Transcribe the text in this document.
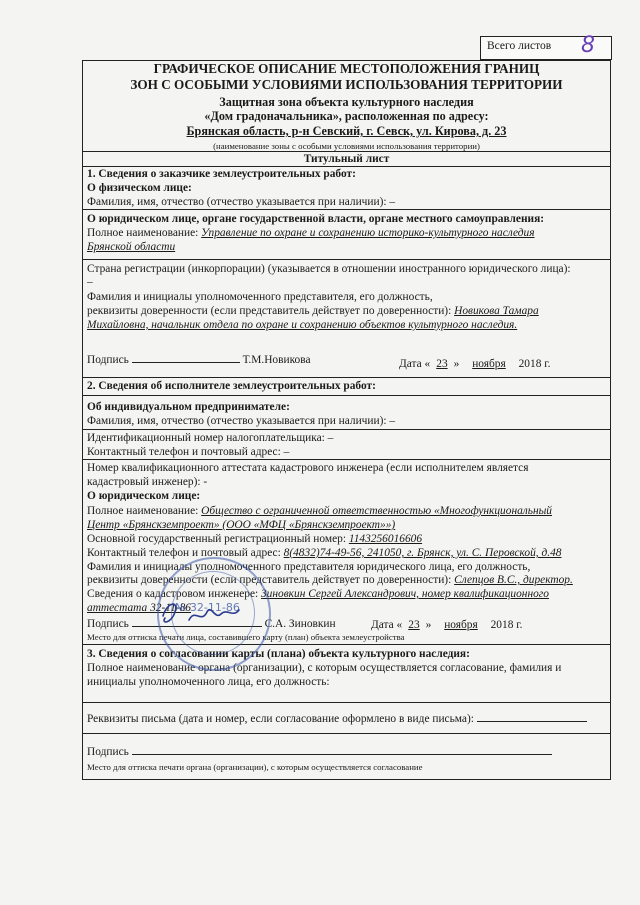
Всего листов 8
ГРАФИЧЕСКОЕ ОПИСАНИЕ МЕСТОПОЛОЖЕНИЯ ГРАНИЦ
ЗОН С ОСОБЫМИ УСЛОВИЯМИ ИСПОЛЬЗОВАНИЯ ТЕРРИТОРИИ
Защитная зона объекта культурного наследия
«Дом градоначальника», расположенная по адресу:
Брянская область, р-н Севский, г. Севск, ул. Кирова, д. 23
(наименование зоны с особыми условиями использования территории)
Титульный лист
1. Сведения о заказчике землеустроительных работ:
О физическом лице:
Фамилия, имя, отчество (отчество указывается при наличии): –
О юридическом лице, органе государственной власти, органе местного самоуправления:
Полное наименование: Управление по охране и сохранению историко-культурного наследия
Брянской области
Страна регистрации (инкорпорации) (указывается в отношении иностранного юридического лица):
–
Фамилия и инициалы уполномоченного представителя, его должность,
реквизиты доверенности (если представитель действует по доверенности): Новикова Тамара
Михайловна, начальник отдела по охране и сохранению объектов культурного наследия.
Подпись	Т.М.Новикова	Дата « 23 » ноября 2018 г.
2. Сведения об исполнителе землеустроительных работ:
Об индивидуальном предпринимателе:
Фамилия, имя, отчество (отчество указывается при наличии): –
Идентификационный номер налогоплательщика: –
Контактный телефон и почтовый адрес: –
Номер квалификационного аттестата кадастрового инженера (если исполнителем является
кадастровый инженер): -
О юридическом лице:
Полное наименование: Общество с ограниченной ответственностью «Многофункциональный
Центр «Брянскземпроект» (ООО «МФЦ «Брянскземпроект»»)
Основной государственный регистрационный номер: 1143256016606
Контактный телефон и почтовый адрес: 8(4832)74-49-56, 241050, г. Брянск, ул. С. Перовской, д.48
Фамилия и инициалы уполномоченного представителя юридического лица, его должность,
реквизиты доверенности (если представитель действует по доверенности): Слепцов В.С., директор.
Сведения о кадастровом инженере: Зиновкин Сергей Александрович, номер квалификационного
аттестата 32-11-86
Подпись	С.А. Зиновкин	Дата « 23 » ноября 2018 г.
Место для оттиска печати лица, составившего карту (план) объекта землеустройства
3. Сведения о согласовании карты (плана) объекта культурного наследия:
Полное наименование органа (организации), с которым осуществляется согласование, фамилия и
инициалы уполномоченного лица, его должность:
Реквизиты письма (дата и номер, если согласование оформлено в виде письма):
Подпись
Место для оттиска печати органа (организации), с которым осуществляется согласование
№ 32-11-86
